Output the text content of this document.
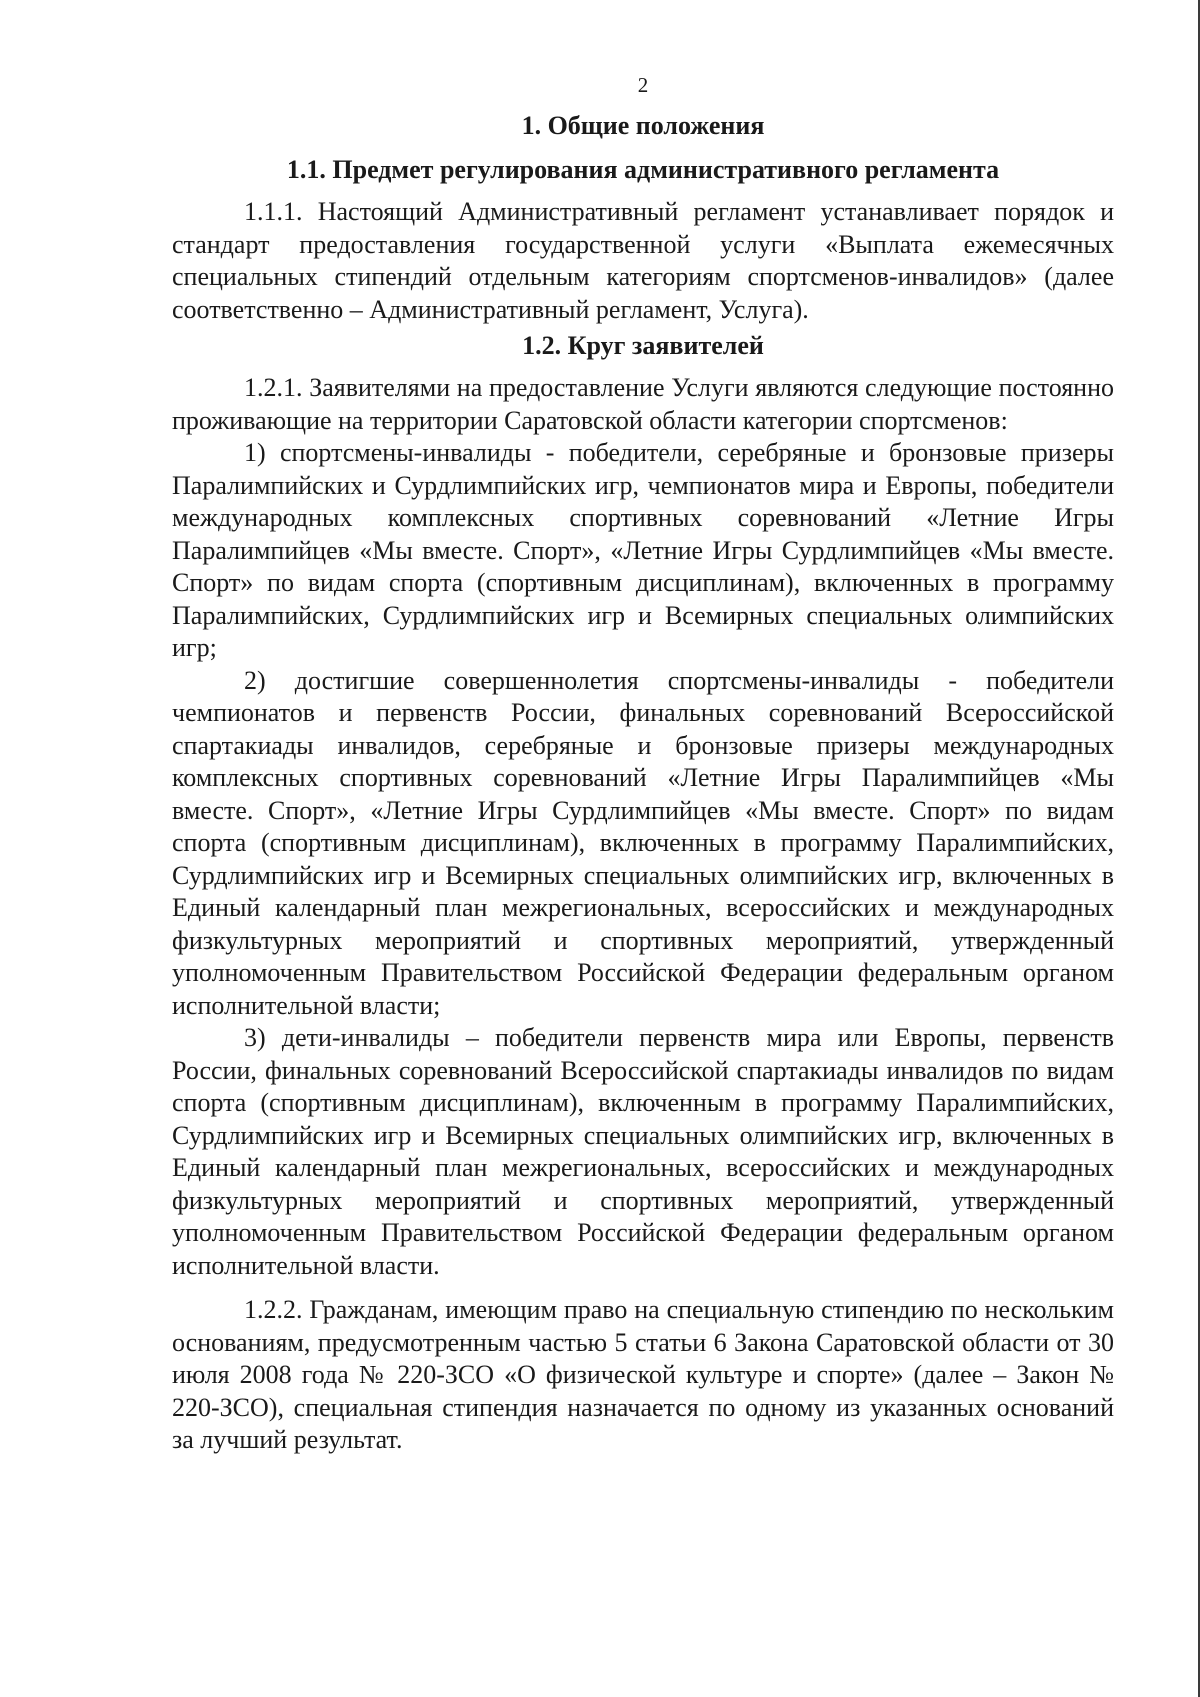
2
1. Общие положения
1.1. Предмет регулирования административного регламента

1.1.1. Настоящий Административный регламент устанавливает порядок и стандарт предоставления государственной услуги «Выплата ежемесячных специальных стипендий отдельным категориям спортсменов-инвалидов» (далее соответственно – Административный регламент, Услуга).

1.2. Круг заявителей

1.2.1. Заявителями на предоставление Услуги являются следующие постоянно проживающие на территории Саратовской области категории спортсменов:

1) спортсмены-инвалиды - победители, серебряные и бронзовые призеры Паралимпийских и Сурдлимпийских игр, чемпионатов мира и Европы, победители международных комплексных спортивных соревнований «Летние Игры Паралимпийцев «Мы вместе. Спорт», «Летние Игры Сурдлимпийцев «Мы вместе. Спорт» по видам спорта (спортивным дисциплинам), включенных в программу Паралимпийских, Сурдлимпийских игр и Всемирных специальных олимпийских игр;

2) достигшие совершеннолетия спортсмены-инвалиды - победители чемпионатов и первенств России, финальных соревнований Всероссийской спартакиады инвалидов, серебряные и бронзовые призеры международных комплексных спортивных соревнований «Летние Игры Паралимпийцев «Мы вместе. Спорт», «Летние Игры Сурдлимпийцев «Мы вместе. Спорт» по видам спорта (спортивным дисциплинам), включенных в программу Паралимпийских, Сурдлимпийских игр и Всемирных специальных олимпийских игр, включенных в Единый календарный план межрегиональных, всероссийских и международных физкультурных мероприятий и спортивных мероприятий, утвержденный уполномоченным Правительством Российской Федерации федеральным органом исполнительной власти;

3) дети-инвалиды – победители первенств мира или Европы, первенств России, финальных соревнований Всероссийской спартакиады инвалидов по видам спорта (спортивным дисциплинам), включенным в программу Паралимпийских, Сурдлимпийских игр и Всемирных специальных олимпийских игр, включенных в Единый календарный план межрегиональных, всероссийских и международных физкультурных мероприятий и спортивных мероприятий, утвержденный уполномоченным Правительством Российской Федерации федеральным органом исполнительной власти.

1.2.2. Гражданам, имеющим право на специальную стипендию по нескольким основаниям, предусмотренным частью 5 статьи 6 Закона Саратовской области от 30 июля 2008 года № 220-ЗСО «О физической культуре и спорте» (далее – Закон № 220-ЗСО), специальная стипендия назначается по одному из указанных оснований за лучший результат.
